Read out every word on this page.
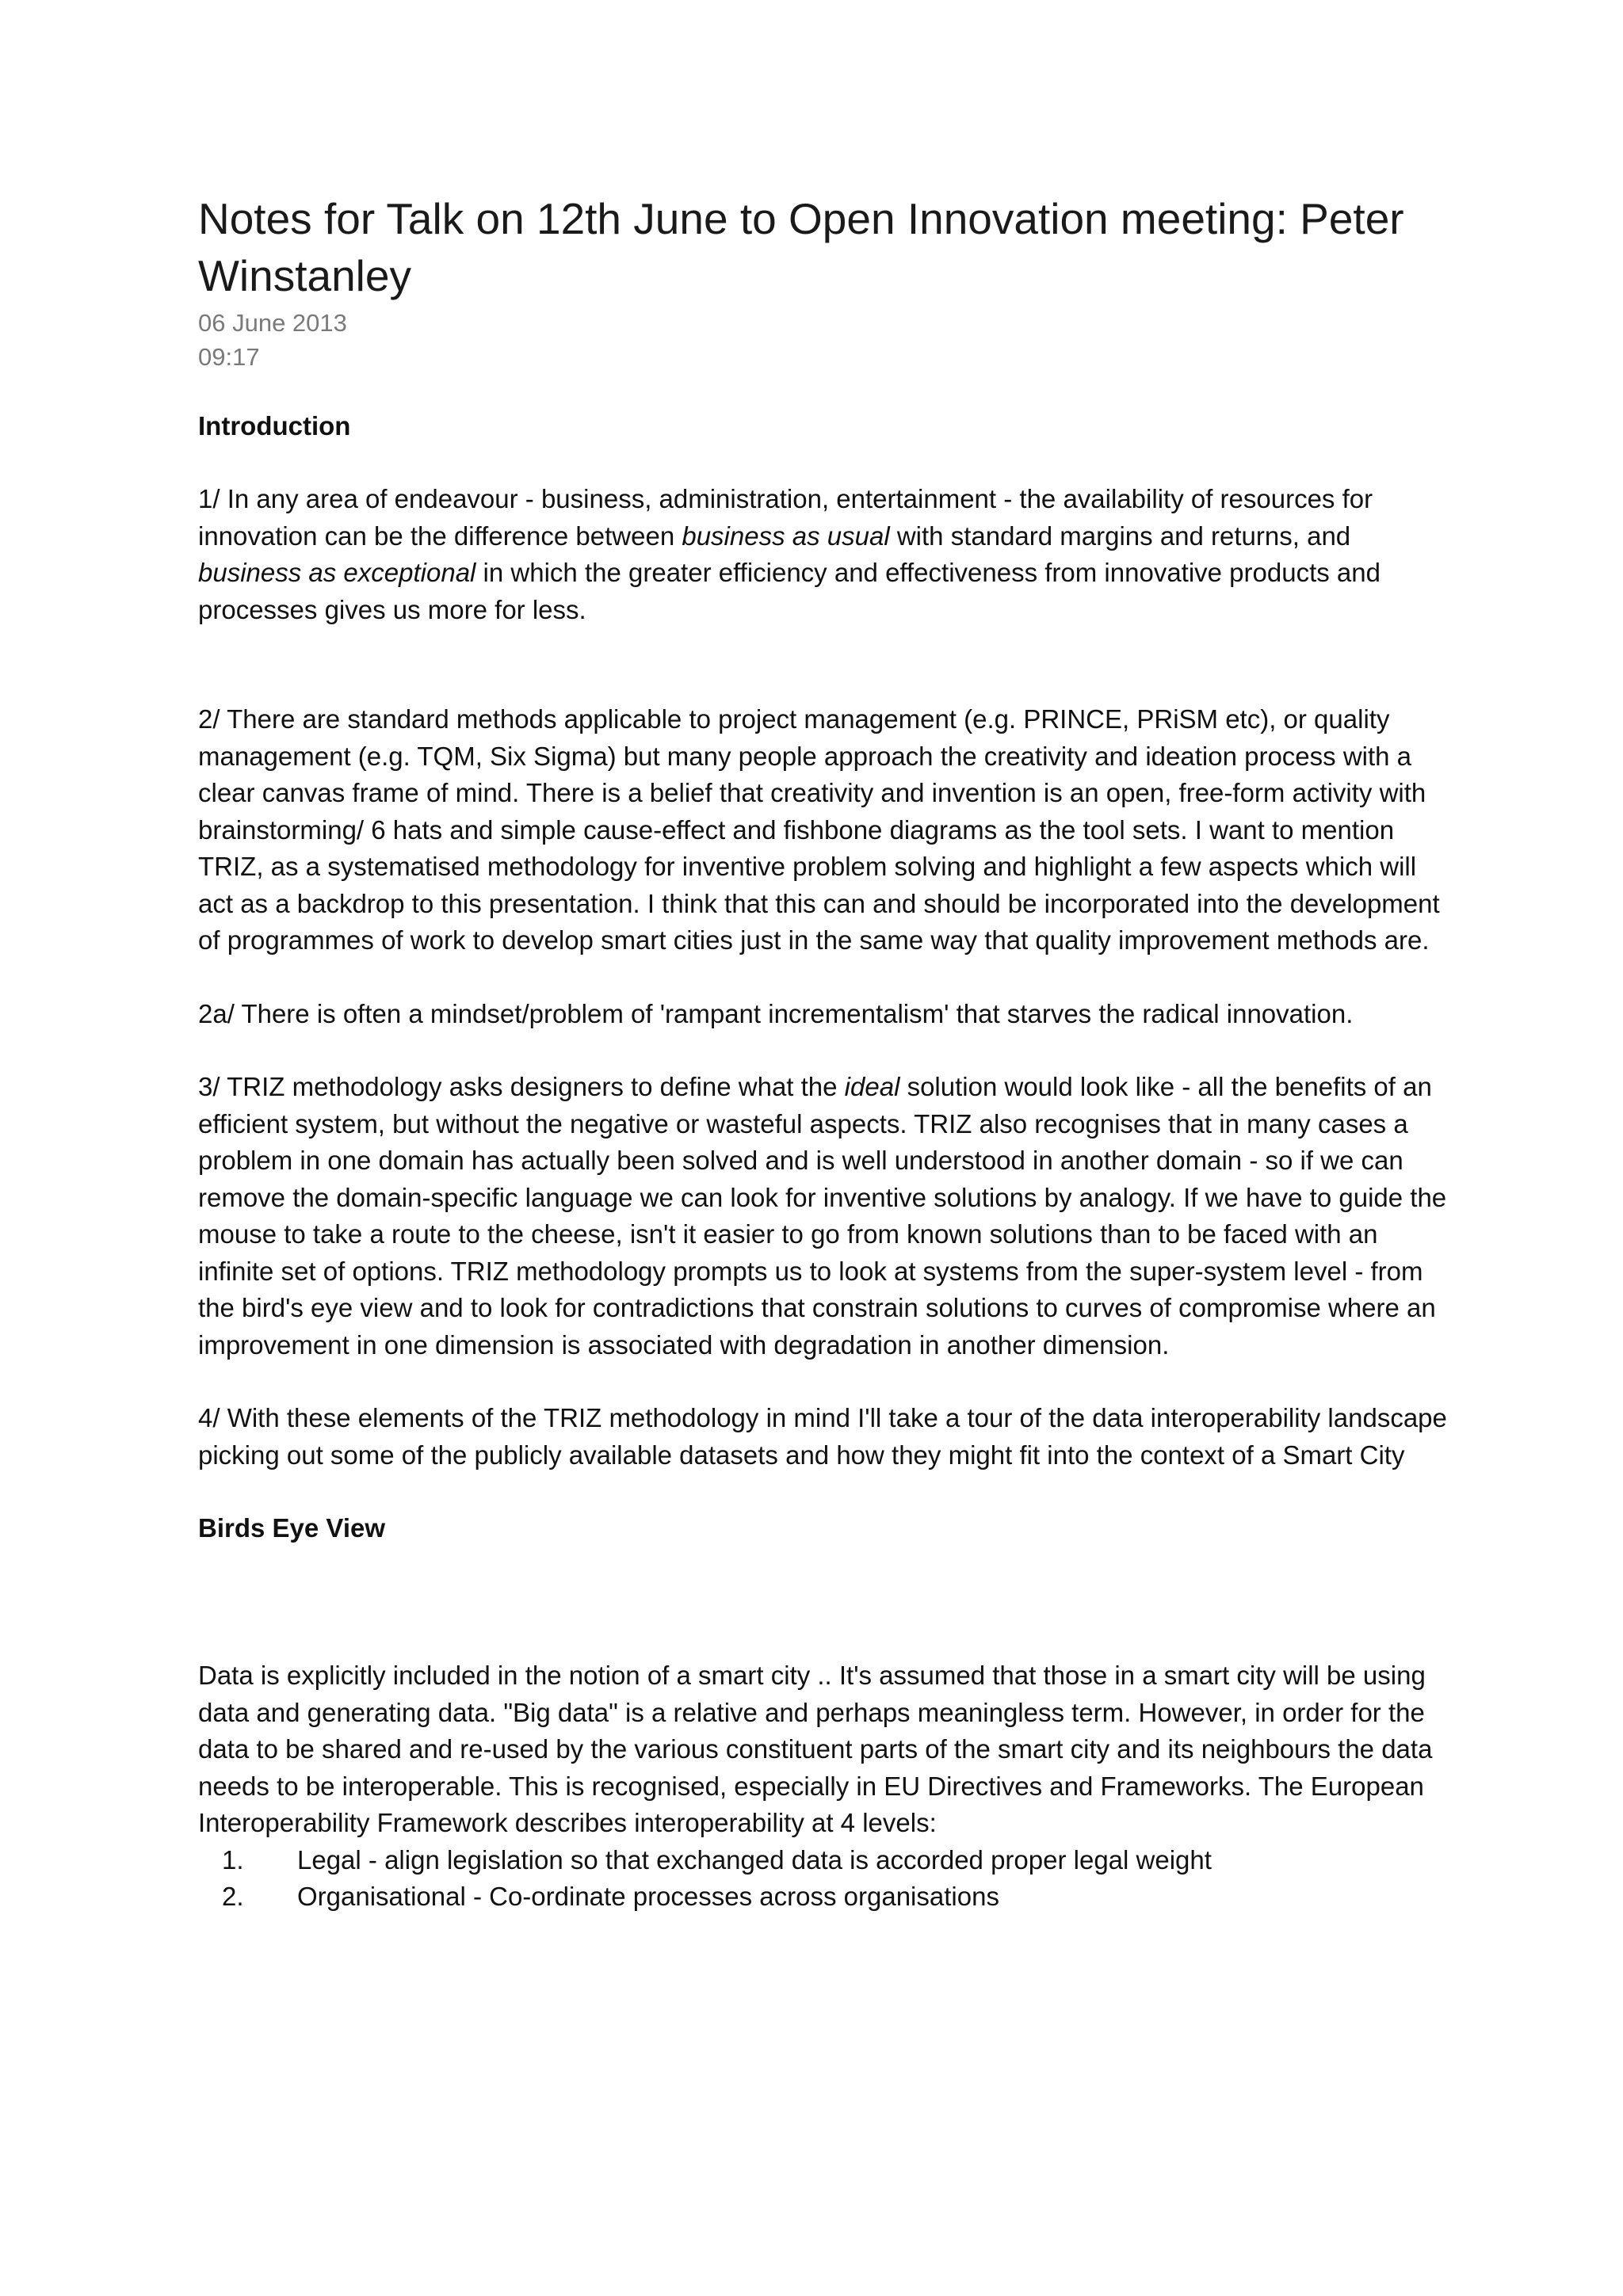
Notes for Talk on 12th June to Open Innovation meeting: Peter Winstanley
06 June 2013
09:17
Introduction

1/ In any area of endeavour - business, administration, entertainment - the availability of resources for innovation can be the difference between business as usual with standard margins and returns, and business as exceptional in which the greater efficiency and effectiveness from innovative products and processes gives us more for less.

2/ There are standard methods applicable to project management (e.g. PRINCE, PRiSM etc), or quality management (e.g. TQM, Six Sigma) but many people approach the creativity and ideation process with a clear canvas frame of mind. There is a belief that creativity and invention is an open, free-form activity with brainstorming/ 6 hats and simple cause-effect and fishbone diagrams as the tool sets. I want to mention TRIZ, as a systematised methodology for inventive problem solving and highlight a few aspects which will act as a backdrop to this presentation. I think that this can and should be incorporated into the development of programmes of work to develop smart cities just in the same way that quality improvement methods are.

2a/ There is often a mindset/problem of 'rampant incrementalism' that starves the radical innovation.

3/ TRIZ methodology asks designers to define what the ideal solution would look like - all the benefits of an efficient system, but without the negative or wasteful aspects. TRIZ also recognises that in many cases a problem in one domain has actually been solved and is well understood in another domain - so if we can remove the domain-specific language we can look for inventive solutions by analogy. If we have to guide the mouse to take a route to the cheese, isn't it easier to go from known solutions than to be faced with an infinite set of options. TRIZ methodology prompts us to look at systems from the super-system level - from the bird's eye view and to look for contradictions that constrain solutions to curves of compromise where an improvement in one dimension is associated with degradation in another dimension.

4/ With these elements of the TRIZ methodology in mind I'll take a tour of the data interoperability landscape picking out some of the publicly available datasets and how they might fit into the context of a Smart City

Birds Eye View

Data is explicitly included in the notion of a smart city .. It's assumed that those in a smart city will be using data and generating data. "Big data" is a relative and perhaps meaningless term. However, in order for the data to be shared and re-used by the various constituent parts of the smart city and its neighbours the data needs to be interoperable. This is recognised, especially in EU Directives and Frameworks. The European Interoperability Framework describes interoperability at 4 levels:

1. Legal - align legislation so that exchanged data is accorded proper legal weight
2. Organisational - Co-ordinate processes across organisations
